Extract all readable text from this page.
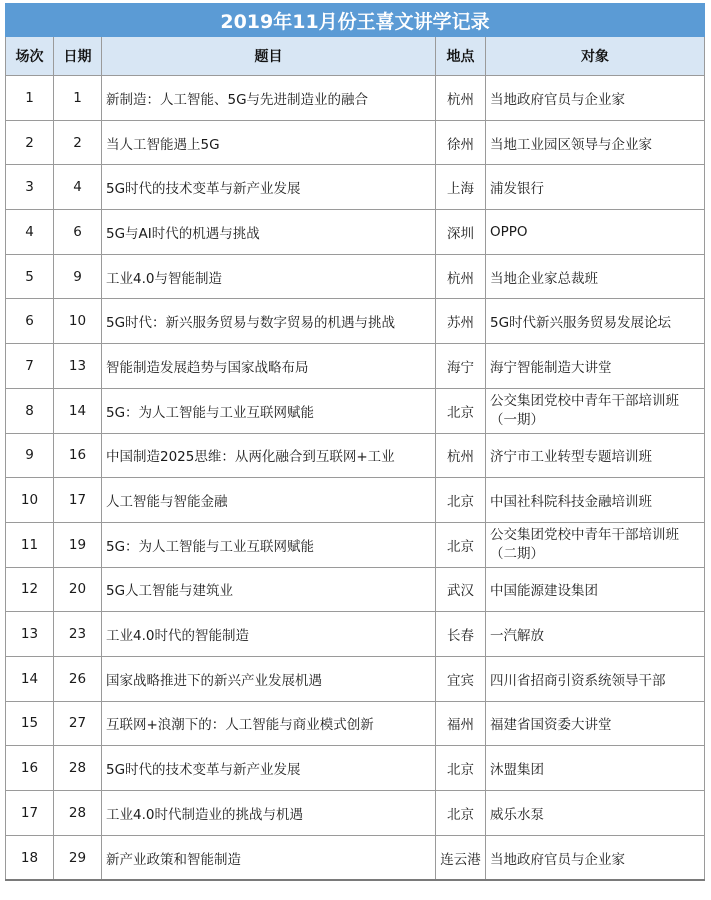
2019年11月份王喜文讲学记录				
场次	日期	题目	地点	对象
1	1	新制造：人工智能、5G与先进制造业的融合	杭州	当地政府官员与企业家
2	2	当人工智能遇上5G	徐州	当地工业园区领导与企业家
3	4	5G时代的技术变革与新产业发展	上海	浦发银行
4	6	5G与AI时代的机遇与挑战	深圳	OPPO
5	9	工业4.0与智能制造	杭州	当地企业家总裁班
6	10	5G时代：新兴服务贸易与数字贸易的机遇与挑战	苏州	5G时代新兴服务贸易发展论坛
7	13	智能制造发展趋势与国家战略布局	海宁	海宁智能制造大讲堂
8	14	5G：为人工智能与工业互联网赋能	北京	公交集团党校中青年干部培训班（一期）
9	16	中国制造2025思维：从两化融合到互联网+工业	杭州	济宁市工业转型专题培训班
10	17	人工智能与智能金融	北京	中国社科院科技金融培训班
11	19	5G：为人工智能与工业互联网赋能	北京	公交集团党校中青年干部培训班（二期）
12	20	5G人工智能与建筑业	武汉	中国能源建设集团
13	23	工业4.0时代的智能制造	长春	一汽解放
14	26	国家战略推进下的新兴产业发展机遇	宜宾	四川省招商引资系统领导干部
15	27	互联网+浪潮下的：人工智能与商业模式创新	福州	福建省国资委大讲堂
16	28	5G时代的技术变革与新产业发展	北京	沐盟集团
17	28	工业4.0时代制造业的挑战与机遇	北京	威乐水泵
18	29	新产业政策和智能制造	连云港	当地政府官员与企业家
